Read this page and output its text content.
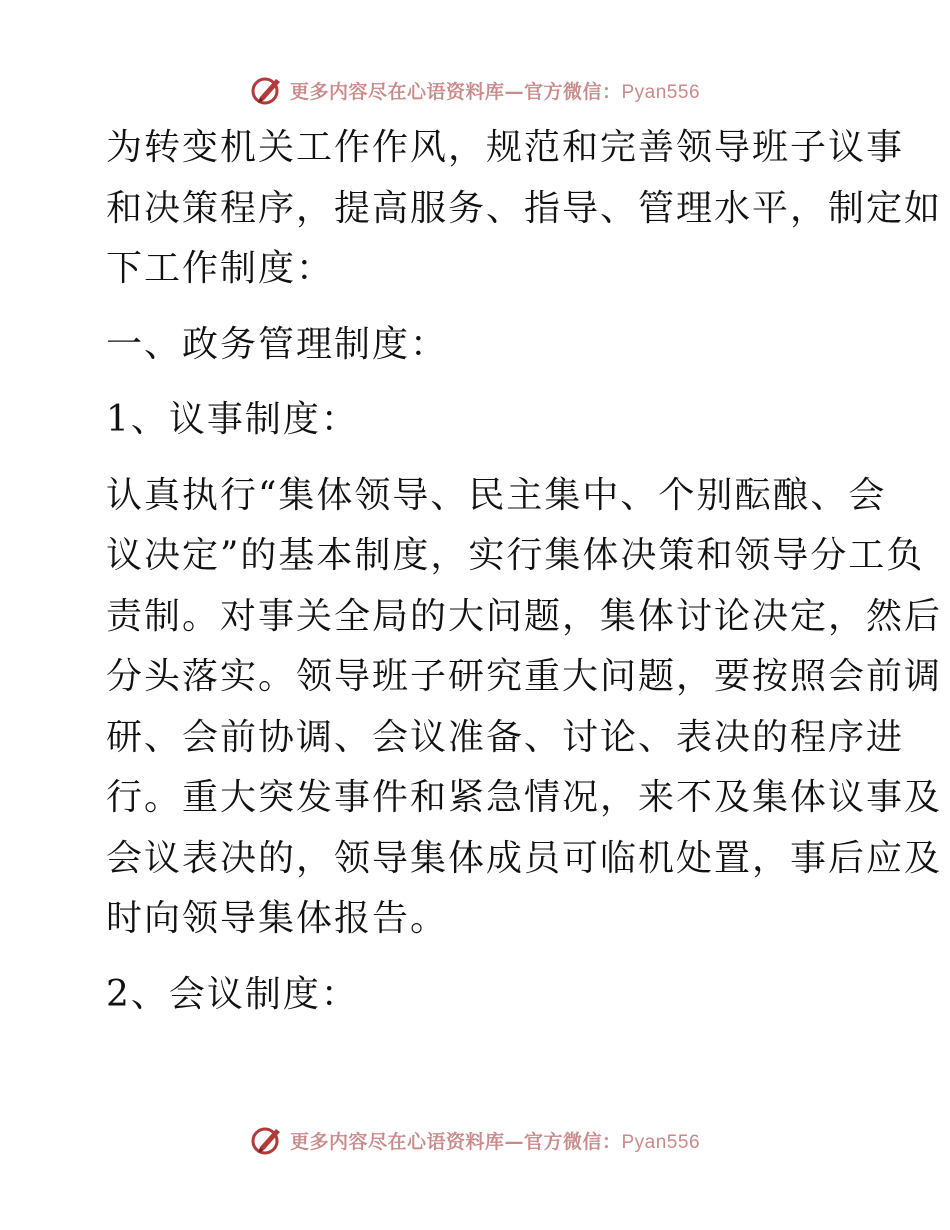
更多内容尽在心语资料库—官方微信：Pyan556
为转变机关工作作风，规范和完善领导班子议事
和决策程序，提高服务、指导、管理水平，制定如
下工作制度：
一、政务管理制度：
1、议事制度：
认真执行“集体领导、民主集中、个别酝酿、会
议决定”的基本制度，实行集体决策和领导分工负
责制。对事关全局的大问题，集体讨论决定，然后
分头落实。领导班子研究重大问题，要按照会前调
研、会前协调、会议准备、讨论、表决的程序进
行。重大突发事件和紧急情况，来不及集体议事及
会议表决的，领导集体成员可临机处置，事后应及
时向领导集体报告。
2、会议制度：
更多内容尽在心语资料库—官方微信：Pyan556
